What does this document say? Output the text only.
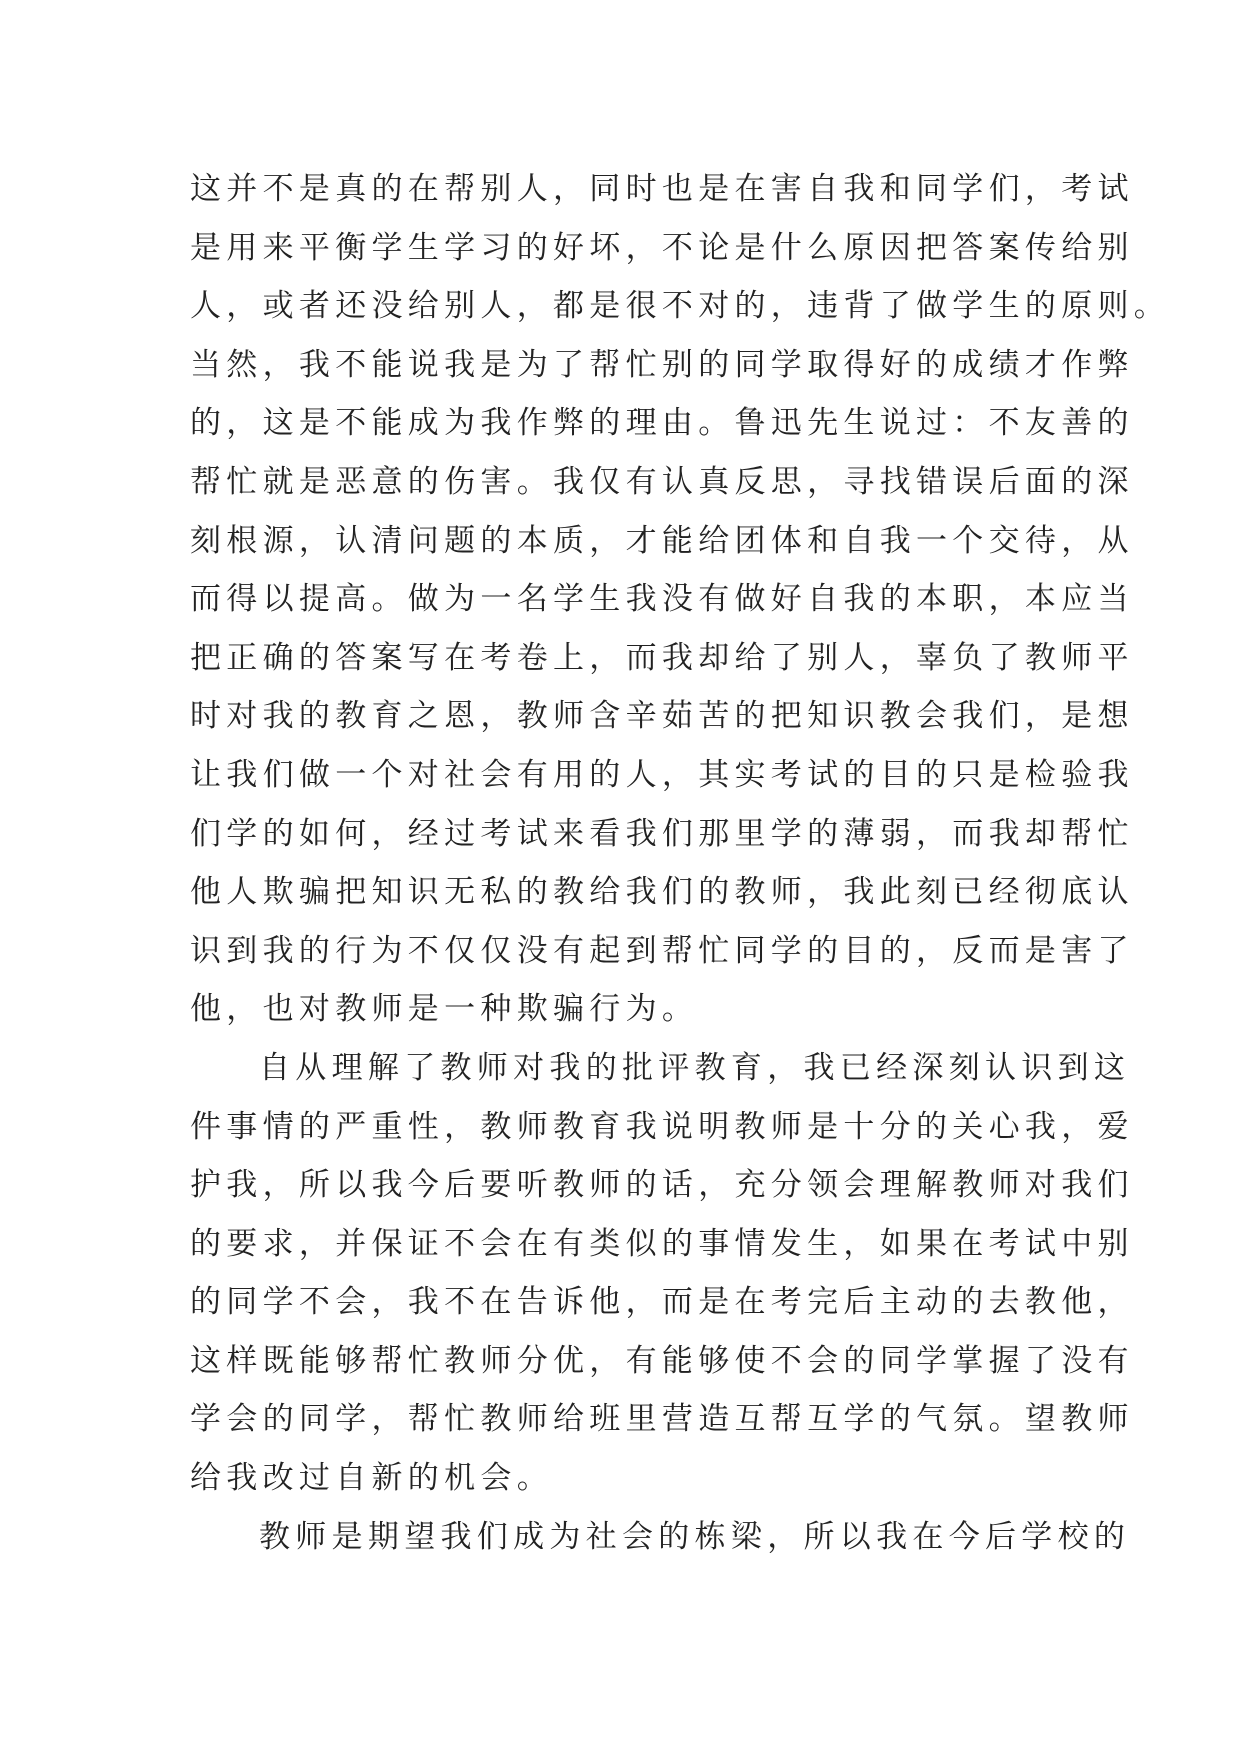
这并不是真的在帮别人，同时也是在害自我和同学们，考试
是用来平衡学生学习的好坏，不论是什么原因把答案传给别
人，或者还没给别人，都是很不对的，违背了做学生的原则。
当然，我不能说我是为了帮忙别的同学取得好的成绩才作弊
的，这是不能成为我作弊的理由。鲁迅先生说过：不友善的
帮忙就是恶意的伤害。我仅有认真反思，寻找错误后面的深
刻根源，认清问题的本质，才能给团体和自我一个交待，从
而得以提高。做为一名学生我没有做好自我的本职，本应当
把正确的答案写在考卷上，而我却给了别人，辜负了教师平
时对我的教育之恩，教师含辛茹苦的把知识教会我们，是想
让我们做一个对社会有用的人，其实考试的目的只是检验我
们学的如何，经过考试来看我们那里学的薄弱，而我却帮忙
他人欺骗把知识无私的教给我们的教师，我此刻已经彻底认
识到我的行为不仅仅没有起到帮忙同学的目的，反而是害了
他，也对教师是一种欺骗行为。
自从理解了教师对我的批评教育，我已经深刻认识到这
件事情的严重性，教师教育我说明教师是十分的关心我，爱
护我，所以我今后要听教师的话，充分领会理解教师对我们
的要求，并保证不会在有类似的事情发生，如果在考试中别
的同学不会，我不在告诉他，而是在考完后主动的去教他，
这样既能够帮忙教师分优，有能够使不会的同学掌握了没有
学会的同学，帮忙教师给班里营造互帮互学的气氛。望教师
给我改过自新的机会。
教师是期望我们成为社会的栋梁，所以我在今后学校的
